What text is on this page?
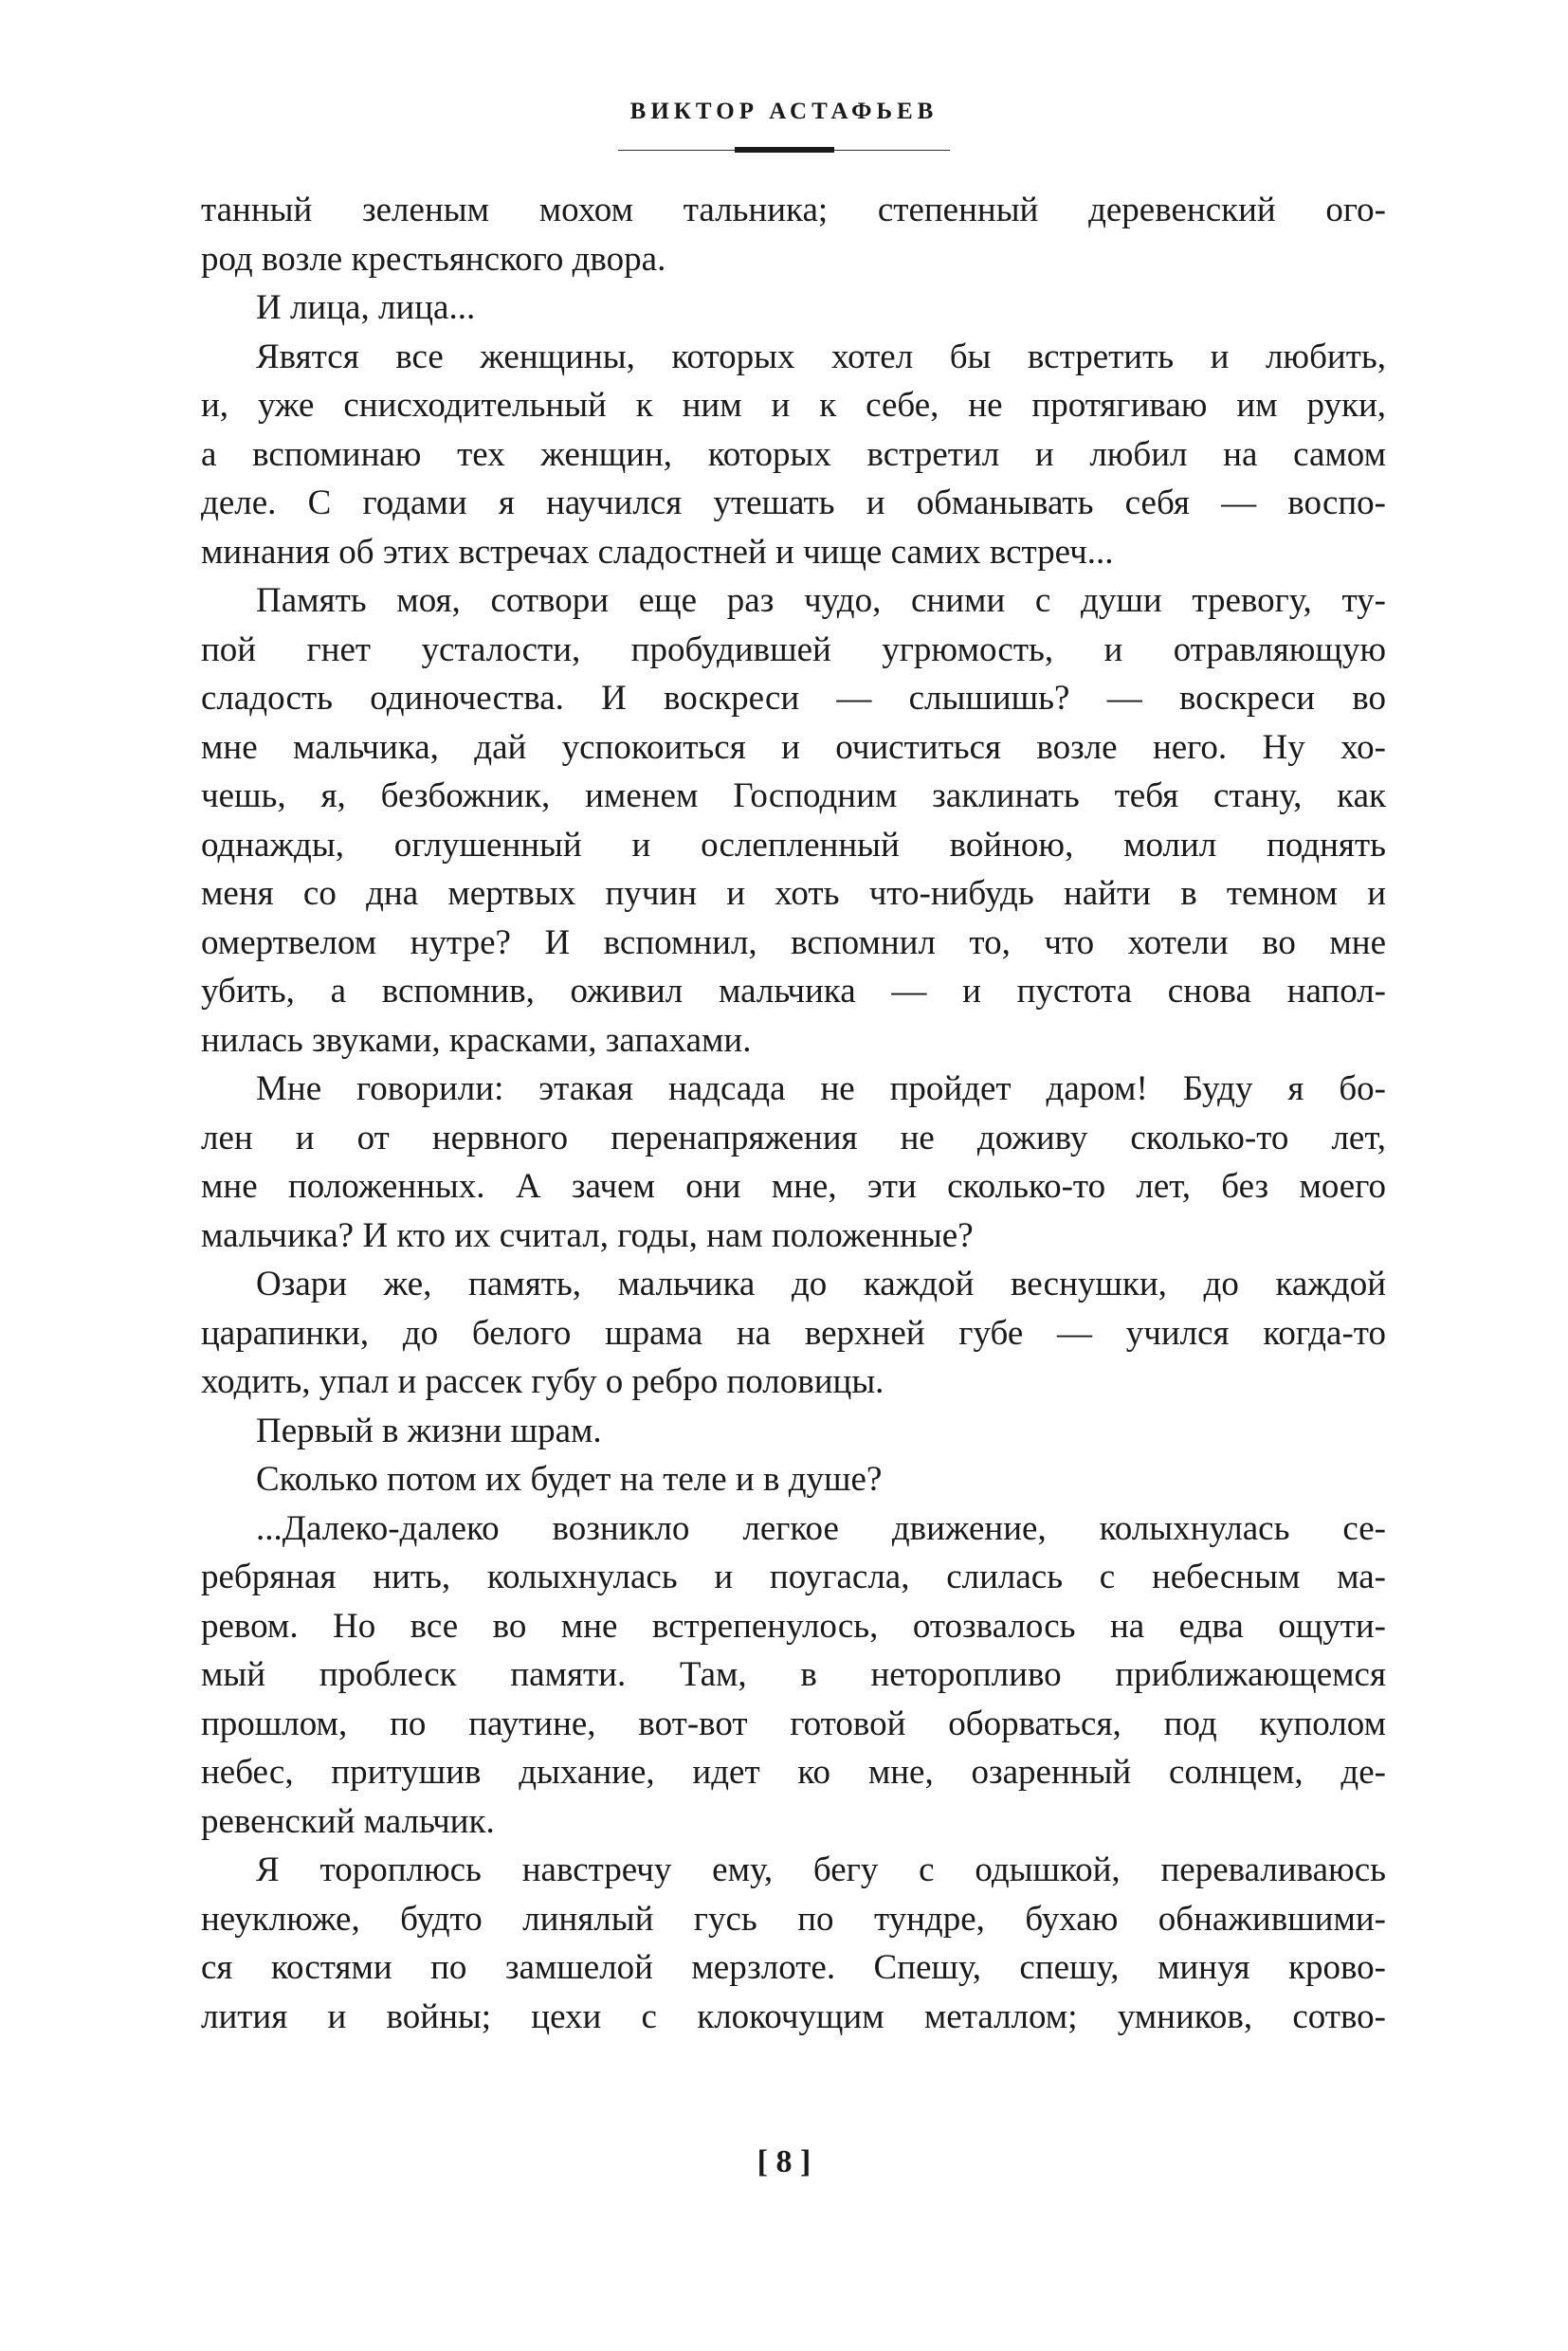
ВИКТОР АСТАФЬЕВ
танный зеленым мохом тальника; степенный деревенский ого-
род возле крестьянского двора.
И лица, лица...
Явятся все женщины, которых хотел бы встретить и любить,
и, уже снисходительный к ним и к себе, не протягиваю им руки,
а вспоминаю тех женщин, которых встретил и любил на самом
деле. С годами я научился утешать и обманывать себя — воспо-
минания об этих встречах сладостней и чище самих встреч...
Память моя, сотвори еще раз чудо, сними с души тревогу, ту-
пой гнет усталости, пробудившей угрюмость, и отравляющую
сладость одиночества. И воскреси — слышишь? — воскреси во
мне мальчика, дай успокоиться и очиститься возле него. Ну хо-
чешь, я, безбожник, именем Господним заклинать тебя стану, как
однажды, оглушенный и ослепленный войною, молил поднять
меня со дна мертвых пучин и хоть что-нибудь найти в темном и
омертвелом нутре? И вспомнил, вспомнил то, что хотели во мне
убить, а вспомнив, оживил мальчика — и пустота снова напол-
нилась звуками, красками, запахами.
Мне говорили: этакая надсада не пройдет даром! Буду я бо-
лен и от нервного перенапряжения не доживу сколько-то лет,
мне положенных. А зачем они мне, эти сколько-то лет, без моего
мальчика? И кто их считал, годы, нам положенные?
Озари же, память, мальчика до каждой веснушки, до каждой
царапинки, до белого шрама на верхней губе — учился когда-то
ходить, упал и рассек губу о ребро половицы.
Первый в жизни шрам.
Сколько потом их будет на теле и в душе?
...Далеко-далеко возникло легкое движение, колыхнулась се-
ребряная нить, колыхнулась и поугасла, слилась с небесным ма-
ревом. Но все во мне встрепенулось, отозвалось на едва ощути-
мый проблеск памяти. Там, в неторопливо приближающемся
прошлом, по паутине, вот-вот готовой оборваться, под куполом
небес, притушив дыхание, идет ко мне, озаренный солнцем, де-
ревенский мальчик.
Я тороплюсь навстречу ему, бегу с одышкой, переваливаюсь
неуклюже, будто линялый гусь по тундре, бухаю обнажившими-
ся костями по замшелой мерзлоте. Спешу, спешу, минуя крово-
лития и войны; цехи с клокочущим металлом; умников, сотво-
[ 8 ]
